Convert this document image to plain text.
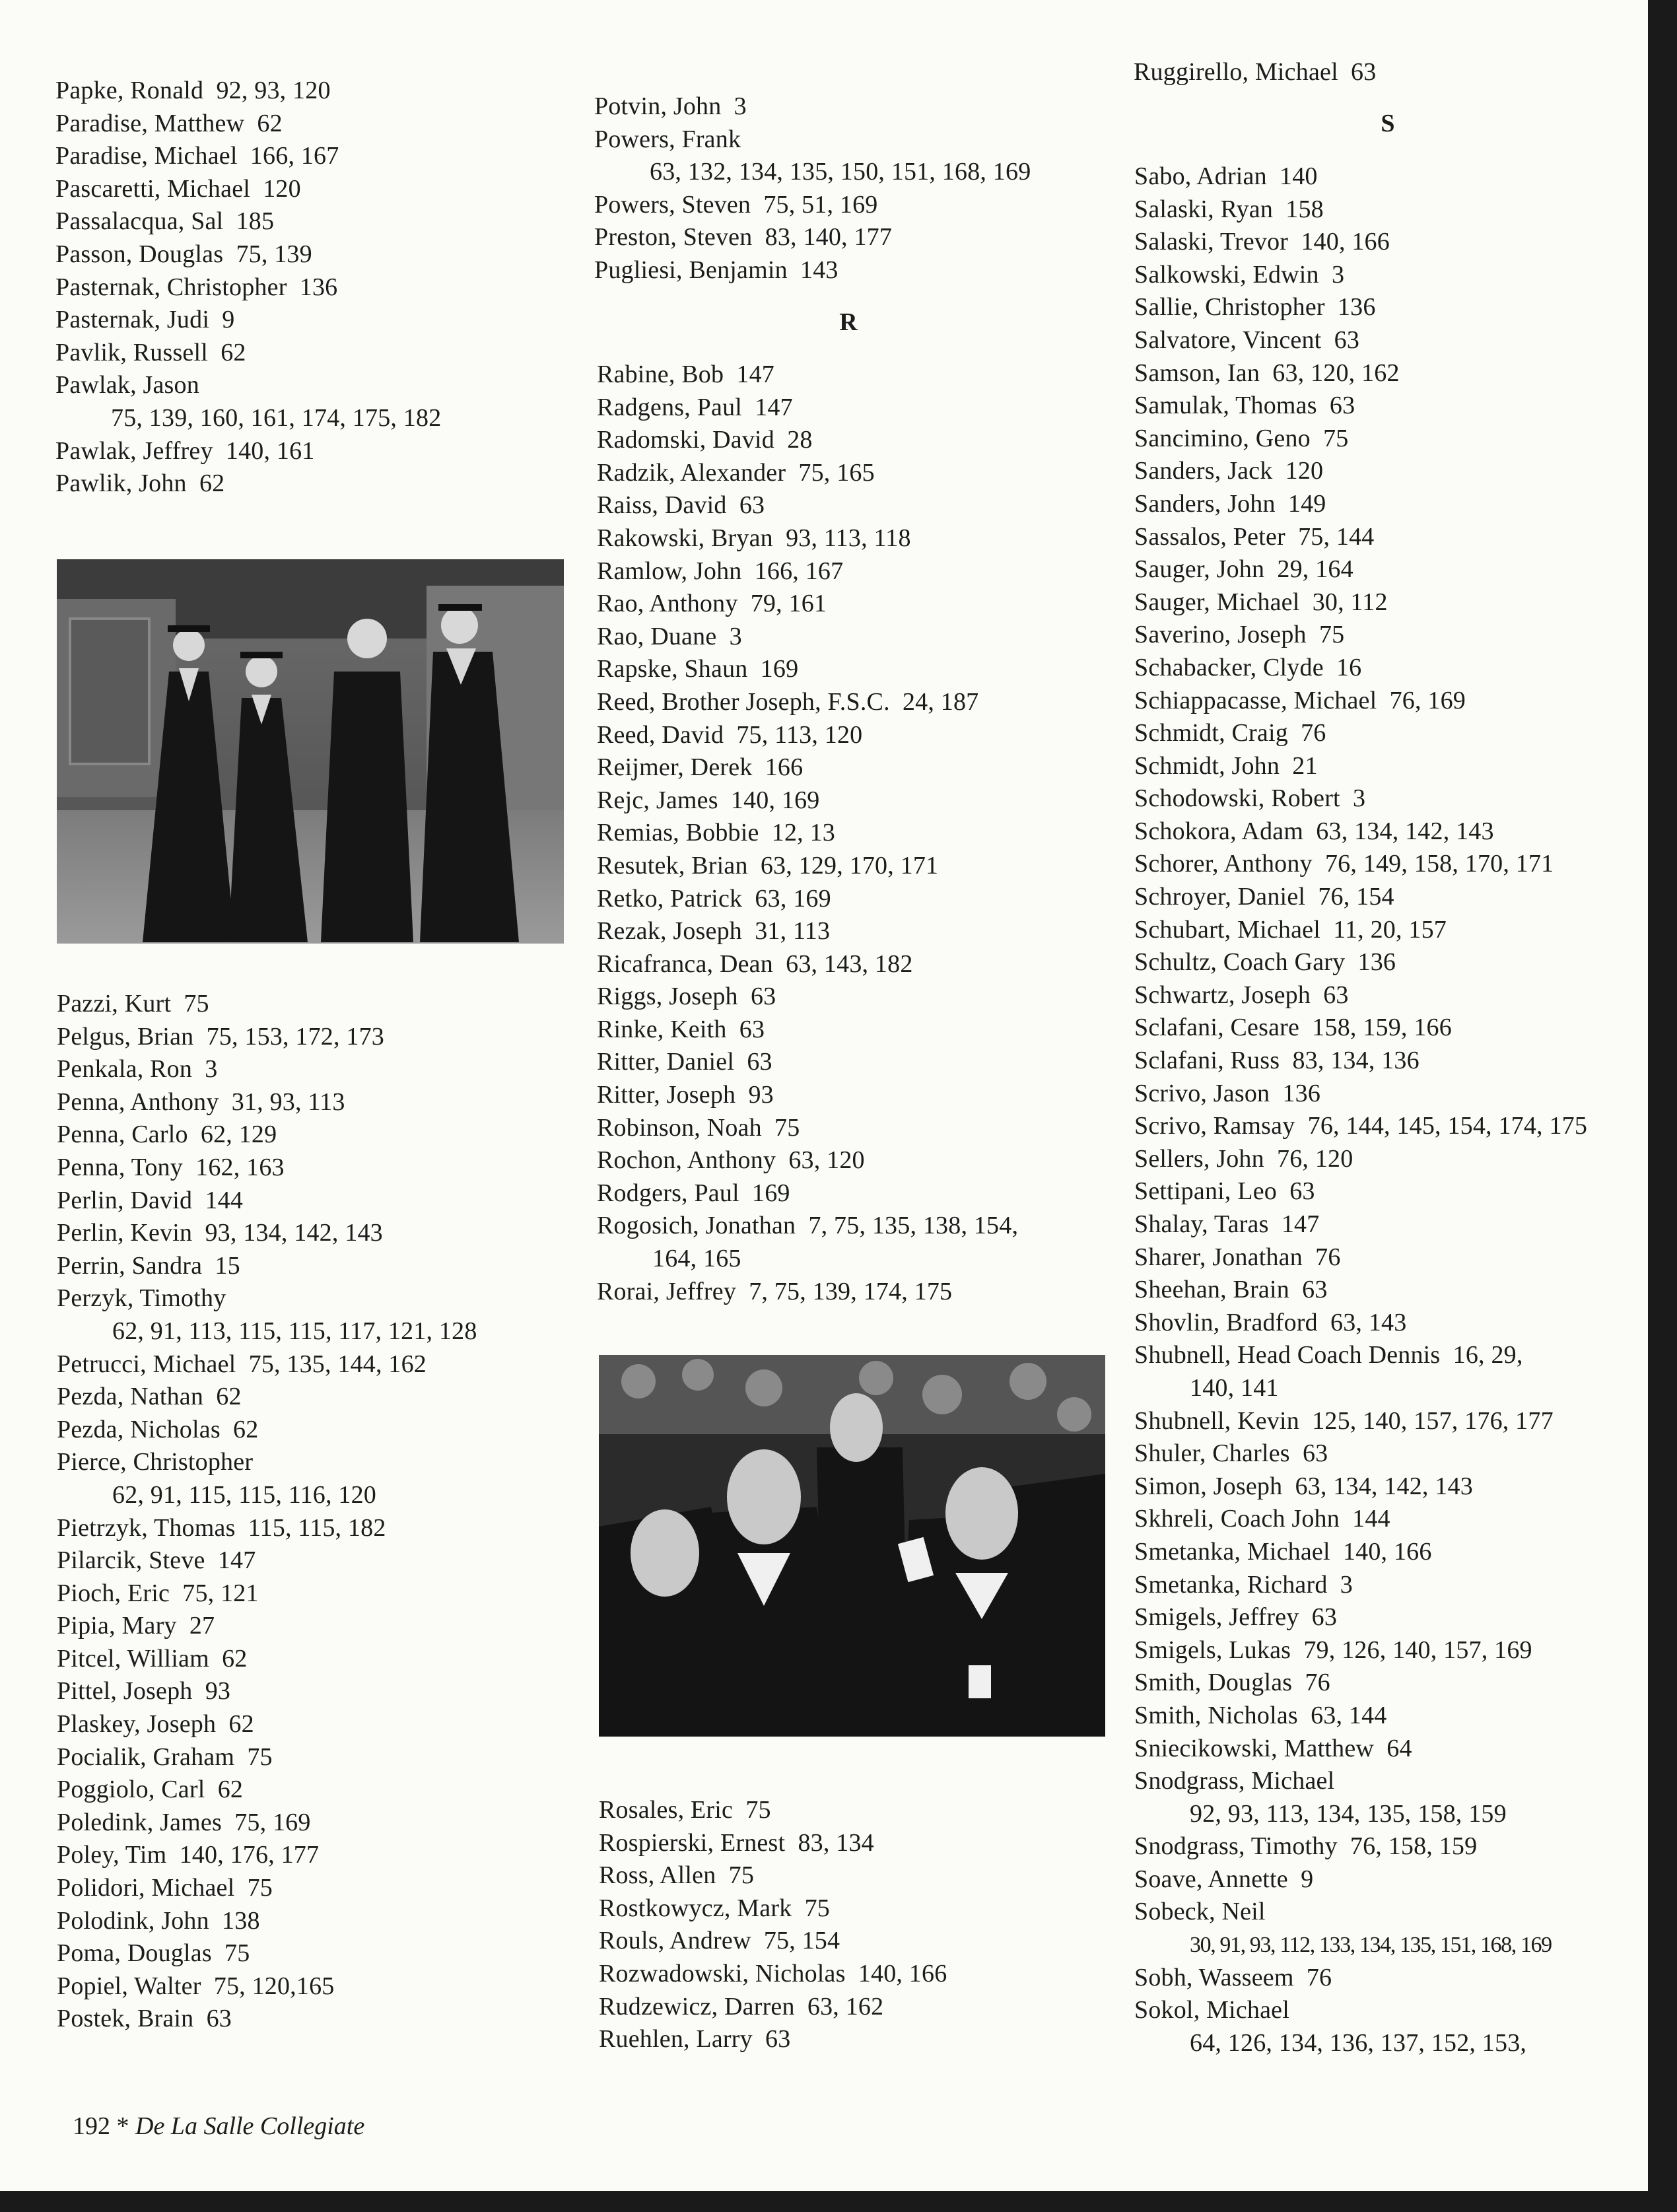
Papke, Ronald  92, 93, 120
Paradise, Matthew  62
Paradise, Michael  166, 167
Pascaretti, Michael  120
Passalacqua, Sal  185
Passon, Douglas  75, 139
Pasternak, Christopher  136
Pasternak, Judi  9
Pavlik, Russell  62
Pawlak, Jason
75, 139, 160, 161, 174, 175, 182
Pawlak, Jeffrey  140, 161
Pawlik, John  62
Pazzi, Kurt  75
Pelgus, Brian  75, 153, 172, 173
Penkala, Ron  3
Penna, Anthony  31, 93, 113
Penna, Carlo  62, 129
Penna, Tony  162, 163
Perlin, David  144
Perlin, Kevin  93, 134, 142, 143
Perrin, Sandra  15
Perzyk, Timothy
62, 91, 113, 115, 115, 117, 121, 128
Petrucci, Michael  75, 135, 144, 162
Pezda, Nathan  62
Pezda, Nicholas  62
Pierce, Christopher
62, 91, 115, 115, 116, 120
Pietrzyk, Thomas  115, 115, 182
Pilarcik, Steve  147
Pioch, Eric  75, 121
Pipia, Mary  27
Pitcel, William  62
Pittel, Joseph  93
Plaskey, Joseph  62
Pocialik, Graham  75
Poggiolo, Carl  62
Poledink, James  75, 169
Poley, Tim  140, 176, 177
Polidori, Michael  75
Polodink, John  138
Poma, Douglas  75
Popiel, Walter  75, 120,165
Postek, Brain  63
Potvin, John  3
Powers, Frank
63, 132, 134, 135, 150, 151, 168, 169
Powers, Steven  75, 51, 169
Preston, Steven  83, 140, 177
Pugliesi, Benjamin  143
R
Rabine, Bob  147
Radgens, Paul  147
Radomski, David  28
Radzik, Alexander  75, 165
Raiss, David  63
Rakowski, Bryan  93, 113, 118
Ramlow, John  166, 167
Rao, Anthony  79, 161
Rao, Duane  3
Rapske, Shaun  169
Reed, Brother Joseph, F.S.C.  24, 187
Reed, David  75, 113, 120
Reijmer, Derek  166
Rejc, James  140, 169
Remias, Bobbie  12, 13
Resutek, Brian  63, 129, 170, 171
Retko, Patrick  63, 169
Rezak, Joseph  31, 113
Ricafranca, Dean  63, 143, 182
Riggs, Joseph  63
Rinke, Keith  63
Ritter, Daniel  63
Ritter, Joseph  93
Robinson, Noah  75
Rochon, Anthony  63, 120
Rodgers, Paul  169
Rogosich, Jonathan  7, 75, 135, 138, 154,
164, 165
Rorai, Jeffrey  7, 75, 139, 174, 175
Rosales, Eric  75
Rospierski, Ernest  83, 134
Ross, Allen  75
Rostkowycz, Mark  75
Rouls, Andrew  75, 154
Rozwadowski, Nicholas  140, 166
Rudzewicz, Darren  63, 162
Ruehlen, Larry  63
Ruggirello, Michael  63
S
Sabo, Adrian  140
Salaski, Ryan  158
Salaski, Trevor  140, 166
Salkowski, Edwin  3
Sallie, Christopher  136
Salvatore, Vincent  63
Samson, Ian  63, 120, 162
Samulak, Thomas  63
Sancimino, Geno  75
Sanders, Jack  120
Sanders, John  149
Sassalos, Peter  75, 144
Sauger, John  29, 164
Sauger, Michael  30, 112
Saverino, Joseph  75
Schabacker, Clyde  16
Schiappacasse, Michael  76, 169
Schmidt, Craig  76
Schmidt, John  21
Schodowski, Robert  3
Schokora, Adam  63, 134, 142, 143
Schorer, Anthony  76, 149, 158, 170, 171
Schroyer, Daniel  76, 154
Schubart, Michael  11, 20, 157
Schultz, Coach Gary  136
Schwartz, Joseph  63
Sclafani, Cesare  158, 159, 166
Sclafani, Russ  83, 134, 136
Scrivo, Jason  136
Scrivo, Ramsay  76, 144, 145, 154, 174, 175
Sellers, John  76, 120
Settipani, Leo  63
Shalay, Taras  147
Sharer, Jonathan  76
Sheehan, Brain  63
Shovlin, Bradford  63, 143
Shubnell, Head Coach Dennis  16, 29,
140, 141
Shubnell, Kevin  125, 140, 157, 176, 177
Shuler, Charles  63
Simon, Joseph  63, 134, 142, 143
Skhreli, Coach John  144
Smetanka, Michael  140, 166
Smetanka, Richard  3
Smigels, Jeffrey  63
Smigels, Lukas  79, 126, 140, 157, 169
Smith, Douglas  76
Smith, Nicholas  63, 144
Sniecikowski, Matthew  64
Snodgrass, Michael
92, 93, 113, 134, 135, 158, 159
Snodgrass, Timothy  76, 158, 159
Soave, Annette  9
Sobeck, Neil
30, 91, 93, 112, 133, 134, 135, 151, 168, 169
Sobh, Wasseem  76
Sokol, Michael
64, 126, 134, 136, 137, 152, 153,
192 * De La Salle Collegiate
